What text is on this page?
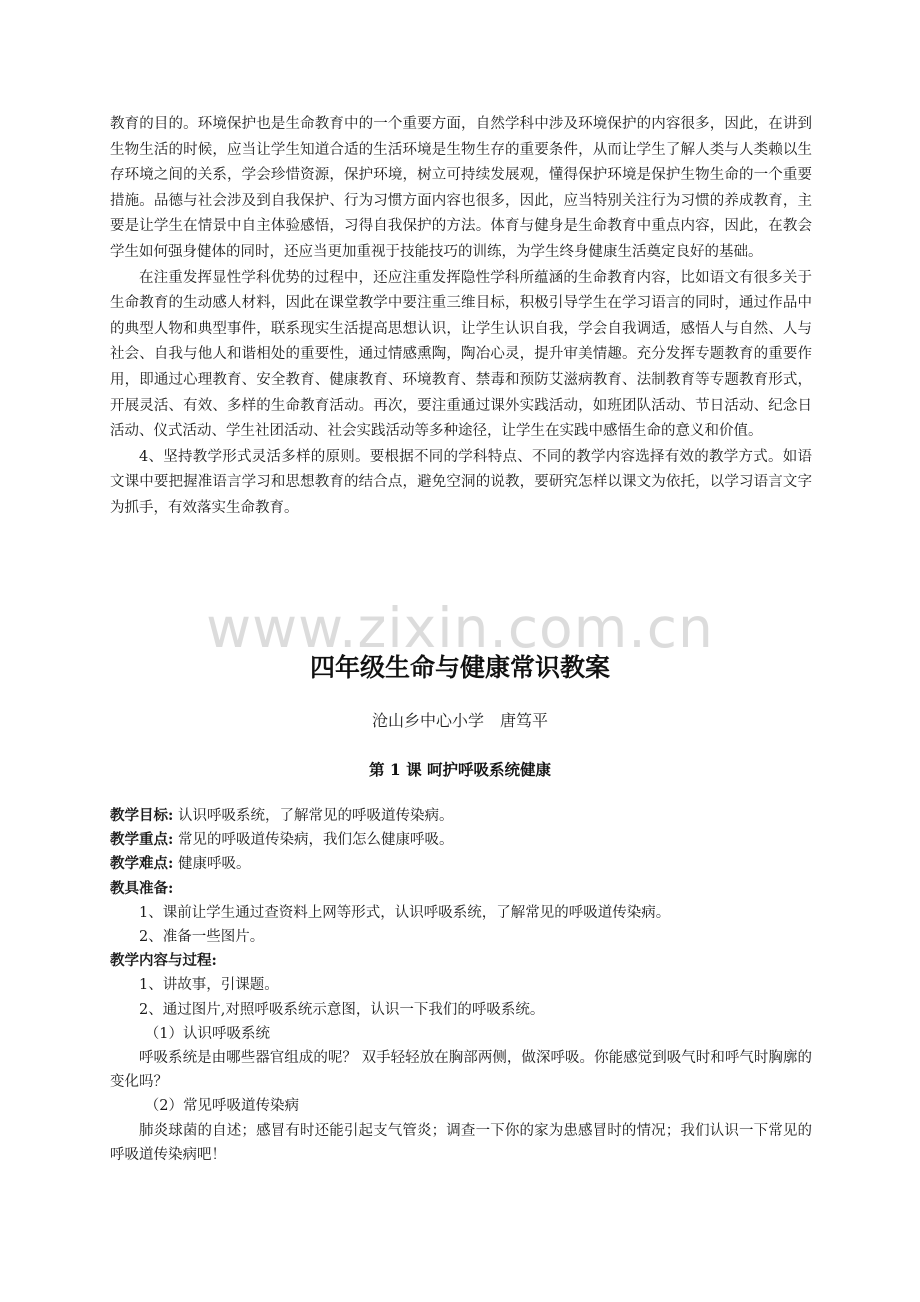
教育的目的。环境保护也是生命教育中的一个重要方面，自然学科中涉及环境保护的内容很多，因此，在讲到生物生活的时候，应当让学生知道合适的生活环境是生物生存的重要条件，从而让学生了解人类与人类赖以生存环境之间的关系，学会珍惜资源，保护环境，树立可持续发展观，懂得保护环境是保护生物生命的一个重要措施。品德与社会涉及到自我保护、行为习惯方面内容也很多，因此，应当特别关注行为习惯的养成教育，主要是让学生在情景中自主体验感悟，习得自我保护的方法。体育与健身是生命教育中重点内容，因此，在教会学生如何强身健体的同时，还应当更加重视于技能技巧的训练，为学生终身健康生活奠定良好的基础。

在注重发挥显性学科优势的过程中，还应注重发挥隐性学科所蕴涵的生命教育内容，比如语文有很多关于生命教育的生动感人材料，因此在课堂教学中要注重三维目标，积极引导学生在学习语言的同时，通过作品中的典型人物和典型事件，联系现实生活提高思想认识，让学生认识自我，学会自我调适，感悟人与自然、人与社会、自我与他人和谐相处的重要性，通过情感熏陶，陶冶心灵，提升审美情趣。充分发挥专题教育的重要作用，即通过心理教育、安全教育、健康教育、环境教育、禁毒和预防艾滋病教育、法制教育等专题教育形式，开展灵活、有效、多样的生命教育活动。再次，要注重通过课外实践活动，如班团队活动、节日活动、纪念日活动、仪式活动、学生社团活动、社会实践活动等多种途径，让学生在实践中感悟生命的意义和价值。

4、坚持教学形式灵活多样的原则。要根据不同的学科特点、不同的教学内容选择有效的教学方式。如语文课中要把握准语言学习和思想教育的结合点，避免空洞的说教，要研究怎样以课文为依托，以学习语言文字为抓手，有效落实生命教育。

www.zixin.com.cn
四年级生命与健康常识教案
沧山乡中心小学　唐笃平
第 1 课 呵护呼吸系统健康

教学目标: 认识呼吸系统，了解常见的呼吸道传染病。

教学重点: 常见的呼吸道传染病，我们怎么健康呼吸。

教学难点: 健康呼吸。

教具准备:

1、课前让学生通过查资料上网等形式，认识呼吸系统，了解常见的呼吸道传染病。

2、准备一些图片。

教学内容与过程:

1、讲故事，引课题。

2、通过图片,对照呼吸系统示意图，认识一下我们的呼吸系统。

（1）认识呼吸系统

呼吸系统是由哪些器官组成的呢？ 双手轻轻放在胸部两侧，做深呼吸。你能感觉到吸气时和呼气时胸廓的变化吗？

（2）常见呼吸道传染病

肺炎球菌的自述；感冒有时还能引起支气管炎；调查一下你的家为患感冒时的情况；我们认识一下常见的呼吸道传染病吧！
